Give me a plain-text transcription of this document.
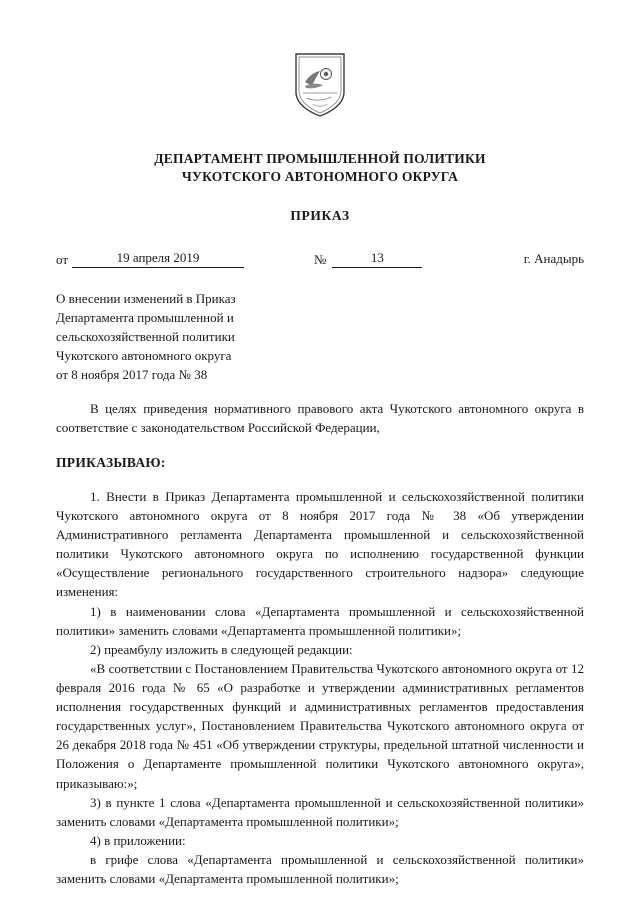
ДЕПАРТАМЕНТ ПРОМЫШЛЕННОЙ ПОЛИТИКИ
ЧУКОТСКОГО АВТОНОМНОГО ОКРУГА
ПРИКАЗ
от	19 апреля 2019	№	13	г. Анадырь
О внесении изменений в Приказ
Департамента промышленной и
сельскохозяйственной политики
Чукотского автономного округа
от 8 ноября 2017 года № 38
В целях приведения нормативного правового акта Чукотского автономного округа в соответствие с законодательством Российской Федерации,
ПРИКАЗЫВАЮ:

1. Внести в Приказ Департамента промышленной и сельскохозяйственной политики Чукотского автономного округа от 8 ноября 2017 года № 38 «Об утверждении Административного регламента Департамента промышленной и сельскохозяйственной политики Чукотского автономного округа по исполнению государственной функции «Осуществление регионального государственного строительного надзора» следующие изменения:

1) в наименовании слова «Департамента промышленной и сельскохозяйственной политики» заменить словами «Департамента промышленной политики»;

2) преамбулу изложить в следующей редакции:

«В соответствии с Постановлением Правительства Чукотского автономного округа от 12 февраля 2016 года № 65 «О разработке и утверждении административных регламентов исполнения государственных функций и административных регламентов предоставления государственных услуг», Постановлением Правительства Чукотского автономного округа от 26 декабря 2018 года № 451 «Об утверждении структуры, предельной штатной численности и Положения о Департаменте промышленной политики Чукотского автономного округа», приказываю:»;

3) в пункте 1 слова «Департамента промышленной и сельскохозяйственной политики» заменить словами «Департамента промышленной политики»;

4) в приложении:

в грифе слова «Департамента промышленной и сельскохозяйственной политики» заменить словами «Департамента промышленной политики»;
